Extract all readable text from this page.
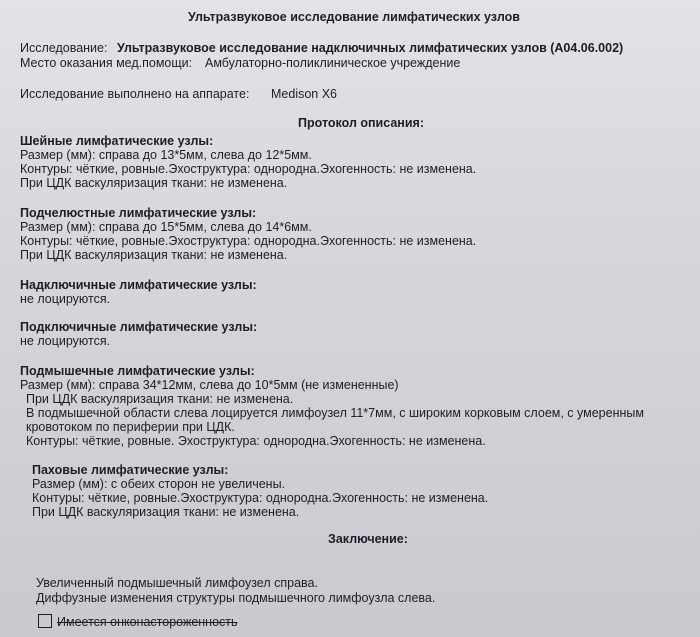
Ультразвуковое исследование лимфатических узлов
Исследование: Ультразвуковое исследование надключичных лимфатических узлов (А04.06.002)
Место оказания мед.помощи: Амбулаторно-поликлиническое учреждение
Исследование выполнено на аппарате: Medison X6
Протокол описания:
Шейные лимфатические узлы:
Размер (мм): справа до 13*5мм, слева до 12*5мм.
Контуры: чёткие, ровные.Эхоструктура: однородна.Эхогенность: не изменена.
При ЦДК васкуляризация ткани: не изменена.
Подчелюстные лимфатические узлы:
Размер (мм): справа до 15*5мм, слева до 14*6мм.
Контуры: чёткие, ровные.Эхоструктура: однородна.Эхогенность: не изменена.
При ЦДК васкуляризация ткани: не изменена.
Надключичные лимфатические узлы:
не лоцируются.
Подключичные лимфатические узлы:
не лоцируются.
Подмышечные лимфатические узлы:
Размер (мм): справа 34*12мм, слева до 10*5мм (не измененные)
При ЦДК васкуляризация ткани: не изменена.
В подмышечной области слева лоцируется лимфоузел 11*7мм, с широким корковым слоем, с умеренным
кровотоком по периферии при ЦДК.
Контуры: чёткие, ровные. Эхоструктура: однородна.Эхогенность: не изменена.
Паховые лимфатические узлы:
Размер (мм): с обеих сторон не увеличены.
Контуры: чёткие, ровные.Эхоструктура: однородна.Эхогенность: не изменена.
При ЦДК васкуляризация ткани: не изменена.
Заключение:
Увеличенный подмышечный лимфоузел справа.
Диффузные изменения структуры подмышечного лимфоузла слева.
Имеется онконастороженность
